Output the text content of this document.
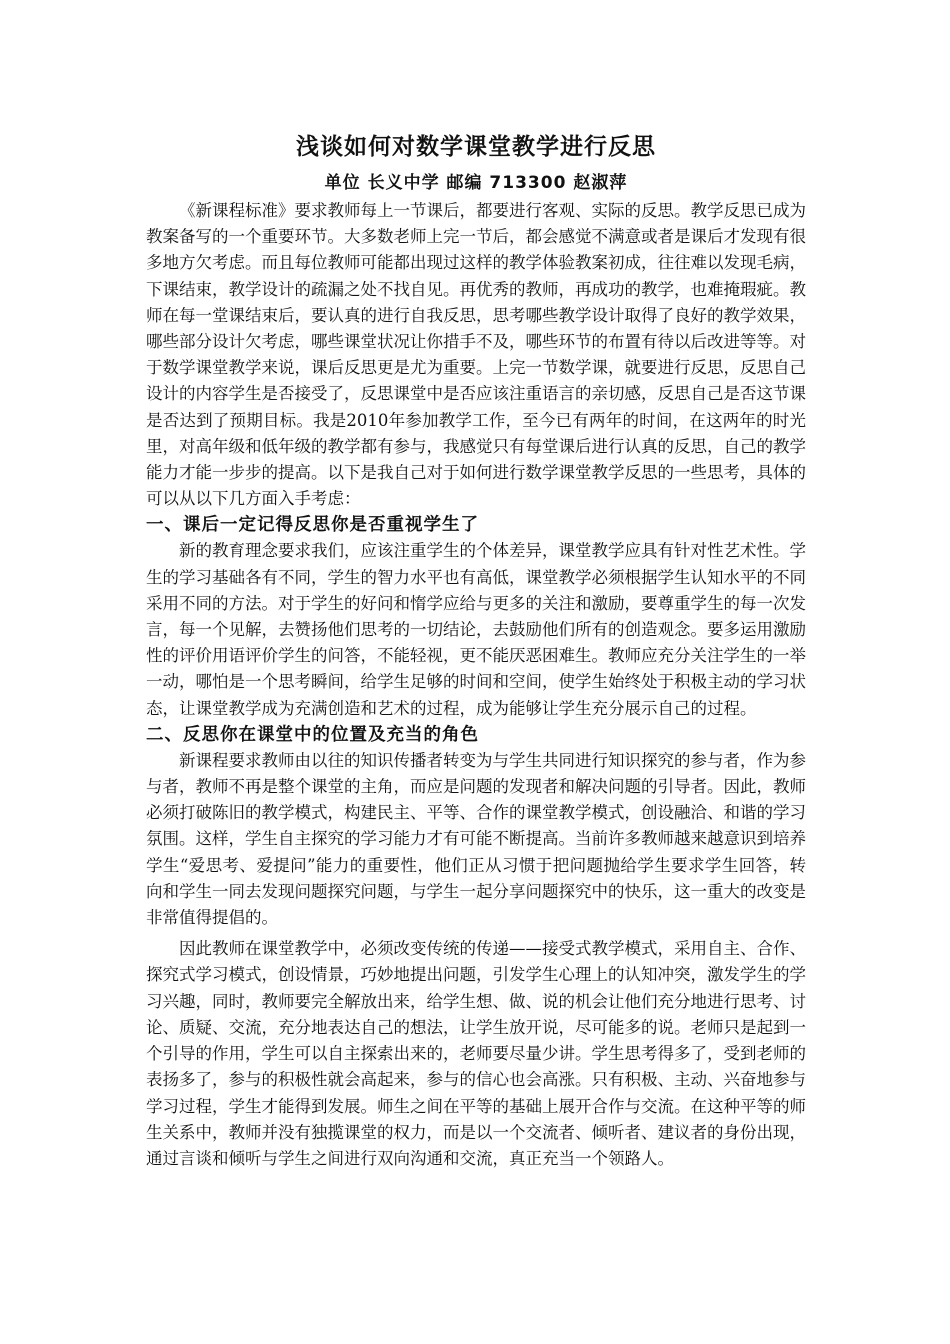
浅谈如何对数学课堂教学进行反思
单位 长义中学 邮编 713300 赵淑萍

《新课程标准》要求教师每上一节课后，都要进行客观、实际的反思。教学反思已成为教案备写的一个重要环节。大多数老师上完一节后，都会感觉不满意或者是课后才发现有很多地方欠考虑。而且每位教师可能都出现过这样的教学体验教案初成，往往难以发现毛病，下课结束，教学设计的疏漏之处不找自见。再优秀的教师，再成功的教学，也难掩瑕疵。教师在每一堂课结束后，要认真的进行自我反思，思考哪些教学设计取得了良好的教学效果，哪些部分设计欠考虑，哪些课堂状况让你措手不及，哪些环节的布置有待以后改进等等。对于数学课堂教学来说，课后反思更是尤为重要。上完一节数学课，就要进行反思，反思自己设计的内容学生是否接受了，反思课堂中是否应该注重语言的亲切感，反思自己是否这节课是否达到了预期目标。我是2010年参加教学工作，至今已有两年的时间，在这两年的时光里，对高年级和低年级的教学都有参与，我感觉只有每堂课后进行认真的反思，自己的教学能力才能一步步的提高。以下是我自己对于如何进行数学课堂教学反思的一些思考，具体的可以从以下几方面入手考虑：

一、课后一定记得反思你是否重视学生了

新的教育理念要求我们，应该注重学生的个体差异，课堂教学应具有针对性艺术性。学生的学习基础各有不同，学生的智力水平也有高低，课堂教学必须根据学生认知水平的不同采用不同的方法。对于学生的好问和惰学应给与更多的关注和激励，要尊重学生的每一次发言，每一个见解，去赞扬他们思考的一切结论，去鼓励他们所有的创造观念。要多运用激励性的评价用语评价学生的问答，不能轻视，更不能厌恶困难生。教师应充分关注学生的一举一动，哪怕是一个思考瞬间，给学生足够的时间和空间，使学生始终处于积极主动的学习状态，让课堂教学成为充满创造和艺术的过程，成为能够让学生充分展示自己的过程。

二、反思你在课堂中的位置及充当的角色

新课程要求教师由以往的知识传播者转变为与学生共同进行知识探究的参与者，作为参与者，教师不再是整个课堂的主角，而应是问题的发现者和解决问题的引导者。因此，教师必须打破陈旧的教学模式，构建民主、平等、合作的课堂教学模式，创设融洽、和谐的学习氛围。这样，学生自主探究的学习能力才有可能不断提高。当前许多教师越来越意识到培养学生“爱思考、爱提问”能力的重要性，他们正从习惯于把问题抛给学生要求学生回答，转向和学生一同去发现问题探究问题，与学生一起分享问题探究中的快乐，这一重大的改变是非常值得提倡的。

因此教师在课堂教学中，必须改变传统的传递——接受式教学模式，采用自主、合作、探究式学习模式，创设情景，巧妙地提出问题，引发学生心理上的认知冲突，激发学生的学习兴趣，同时，教师要完全解放出来，给学生想、做、说的机会让他们充分地进行思考、讨论、质疑、交流，充分地表达自己的想法，让学生放开说，尽可能多的说。老师只是起到一个引导的作用，学生可以自主探索出来的，老师要尽量少讲。学生思考得多了，受到老师的表扬多了，参与的积极性就会高起来，参与的信心也会高涨。只有积极、主动、兴奋地参与学习过程，学生才能得到发展。师生之间在平等的基础上展开合作与交流。在这种平等的师生关系中，教师并没有独揽课堂的权力，而是以一个交流者、倾听者、建议者的身份出现，通过言谈和倾听与学生之间进行双向沟通和交流，真正充当一个领路人。
